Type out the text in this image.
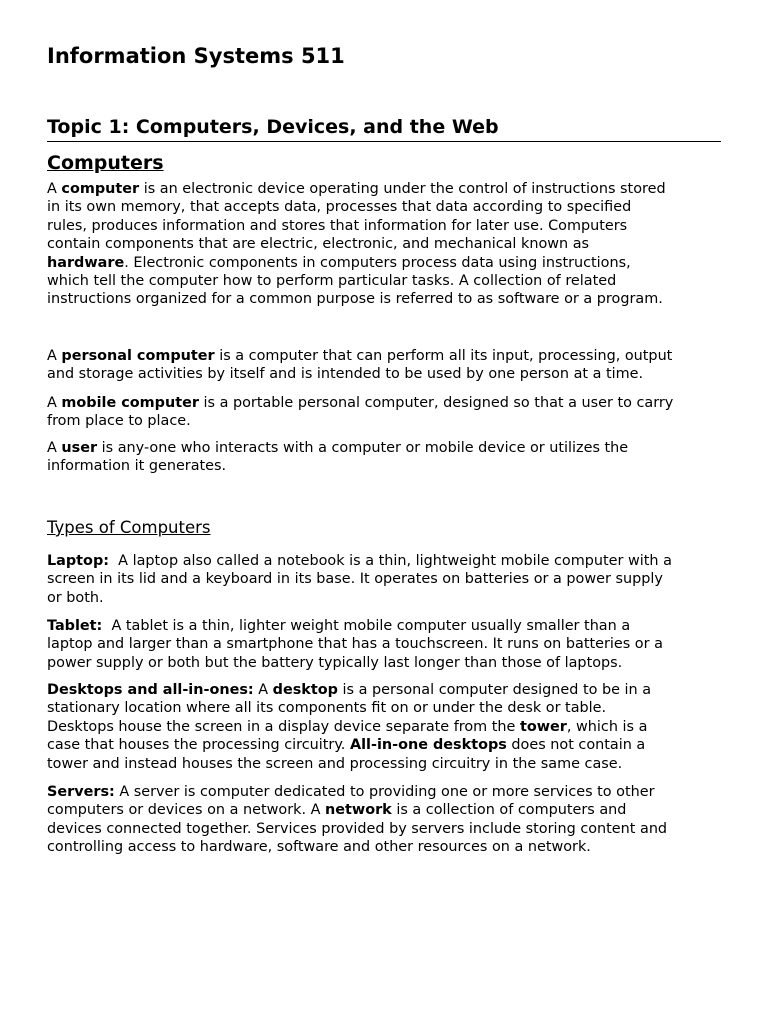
Information Systems 511
Topic 1: Computers, Devices, and the Web
Computers

A computer is an electronic device operating under the control of instructions stored
in its own memory, that accepts data, processes that data according to specified
rules, produces information and stores that information for later use. Computers
contain components that are electric, electronic, and mechanical known as
hardware. Electronic components in computers process data using instructions,
which tell the computer how to perform particular tasks. A collection of related
instructions organized for a common purpose is referred to as software or a program.

A personal computer is a computer that can perform all its input, processing, output
and storage activities by itself and is intended to be used by one person at a time.

A mobile computer is a portable personal computer, designed so that a user to carry
from place to place.

A user is any-one who interacts with a computer or mobile device or utilizes the
information it generates.

Types of Computers

Laptop:  A laptop also called a notebook is a thin, lightweight mobile computer with a
screen in its lid and a keyboard in its base. It operates on batteries or a power supply
or both.

Tablet:  A tablet is a thin, lighter weight mobile computer usually smaller than a
laptop and larger than a smartphone that has a touchscreen. It runs on batteries or a
power supply or both but the battery typically last longer than those of laptops.

Desktops and all-in-ones: A desktop is a personal computer designed to be in a
stationary location where all its components fit on or under the desk or table.
Desktops house the screen in a display device separate from the tower, which is a
case that houses the processing circuitry. All-in-one desktops does not contain a
tower and instead houses the screen and processing circuitry in the same case.

Servers: A server is computer dedicated to providing one or more services to other
computers or devices on a network. A network is a collection of computers and
devices connected together. Services provided by servers include storing content and
controlling access to hardware, software and other resources on a network.
